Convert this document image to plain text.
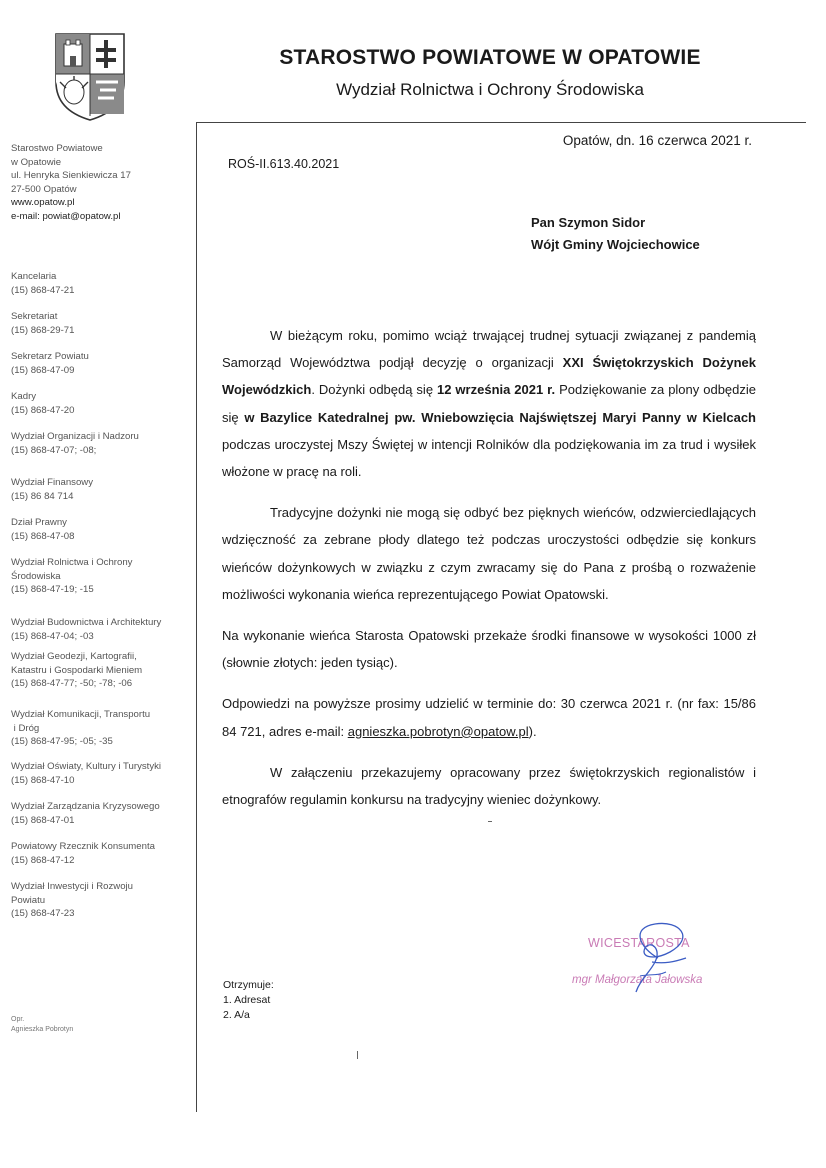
STAROSTWO POWIATOWE W OPATOWIE
Wydział Rolnictwa i Ochrony Środowiska
Starostwo Powiatowe
w Opatowie
ul. Henryka Sienkiewicza 17
27-500 Opatów
www.opatow.pl
e-mail: powiat@opatow.pl
Kancelaria
(15) 868-47-21
Sekretariat
(15) 868-29-71
Sekretarz Powiatu
(15) 868-47-09
Kadry
(15) 868-47-20
Wydział Organizacji i Nadzoru
(15) 868-47-07; -08;
Wydział Finansowy
(15) 86 84 714
Dział Prawny
(15) 868-47-08
Wydział Rolnictwa i Ochrony
Środowiska
(15) 868-47-19; -15
Wydział Budownictwa i Architektury
(15) 868-47-04; -03
Wydział Geodezji, Kartografii,
Katastru i Gospodarki Mieniem
(15) 868-47-77; -50; -78; -06
Wydział Komunikacji, Transportu
i Dróg
(15) 868-47-95; -05; -35
Wydział Oświaty, Kultury i Turystyki
(15) 868-47-10
Wydział Zarządzania Kryzysowego
(15) 868-47-01
Powiatowy Rzecznik Konsumenta
(15) 868-47-12
Wydział Inwestycji i Rozwoju
Powiatu
(15) 868-47-23
Opatów, dn. 16 czerwca 2021 r.
ROŚ-II.613.40.2021
Pan Szymon Sidor
Wójt Gminy Wojciechowice

W bieżącym roku, pomimo wciąż trwającej trudnej sytuacji związanej z pandemią Samorząd Województwa podjął decyzję o organizacji XXI Świętokrzyskich Dożynek Wojewódzkich. Dożynki odbędą się 12 września 2021 r. Podziękowanie za plony odbędzie się w Bazylice Katedralnej pw. Wniebowzięcia Najświętszej Maryi Panny w Kielcach podczas uroczystej Mszy Świętej w intencji Rolników dla podziękowania im za trud i wysiłek włożone w pracę na roli.

Tradycyjne dożynki nie mogą się odbyć bez pięknych wieńców, odzwierciedlających wdzięczność za zebrane płody dlatego też podczas uroczystości odbędzie się konkurs wieńców dożynkowych w związku z czym zwracamy się do Pana z prośbą o rozważenie możliwości wykonania wieńca reprezentującego Powiat Opatowski.

Na wykonanie wieńca Starosta Opatowski przekaże środki finansowe w wysokości 1000 zł (słownie złotych: jeden tysiąc).

Odpowiedzi na powyższe prosimy udzielić w terminie do: 30 czerwca 2021 r. (nr fax: 15/86 84 721, adres e-mail: agnieszka.pobrotyn@opatow.pl).

W załączeniu przekazujemy opracowany przez świętokrzyskich regionalistów i etnografów regulamin konkursu na tradycyjny wieniec dożynkowy.

WICESTAROSTA
mgr Małgorzata Jałowska
Otrzymuje:
1. Adresat
2. A/a
Opr.
Agnieszka Pobrotyn
